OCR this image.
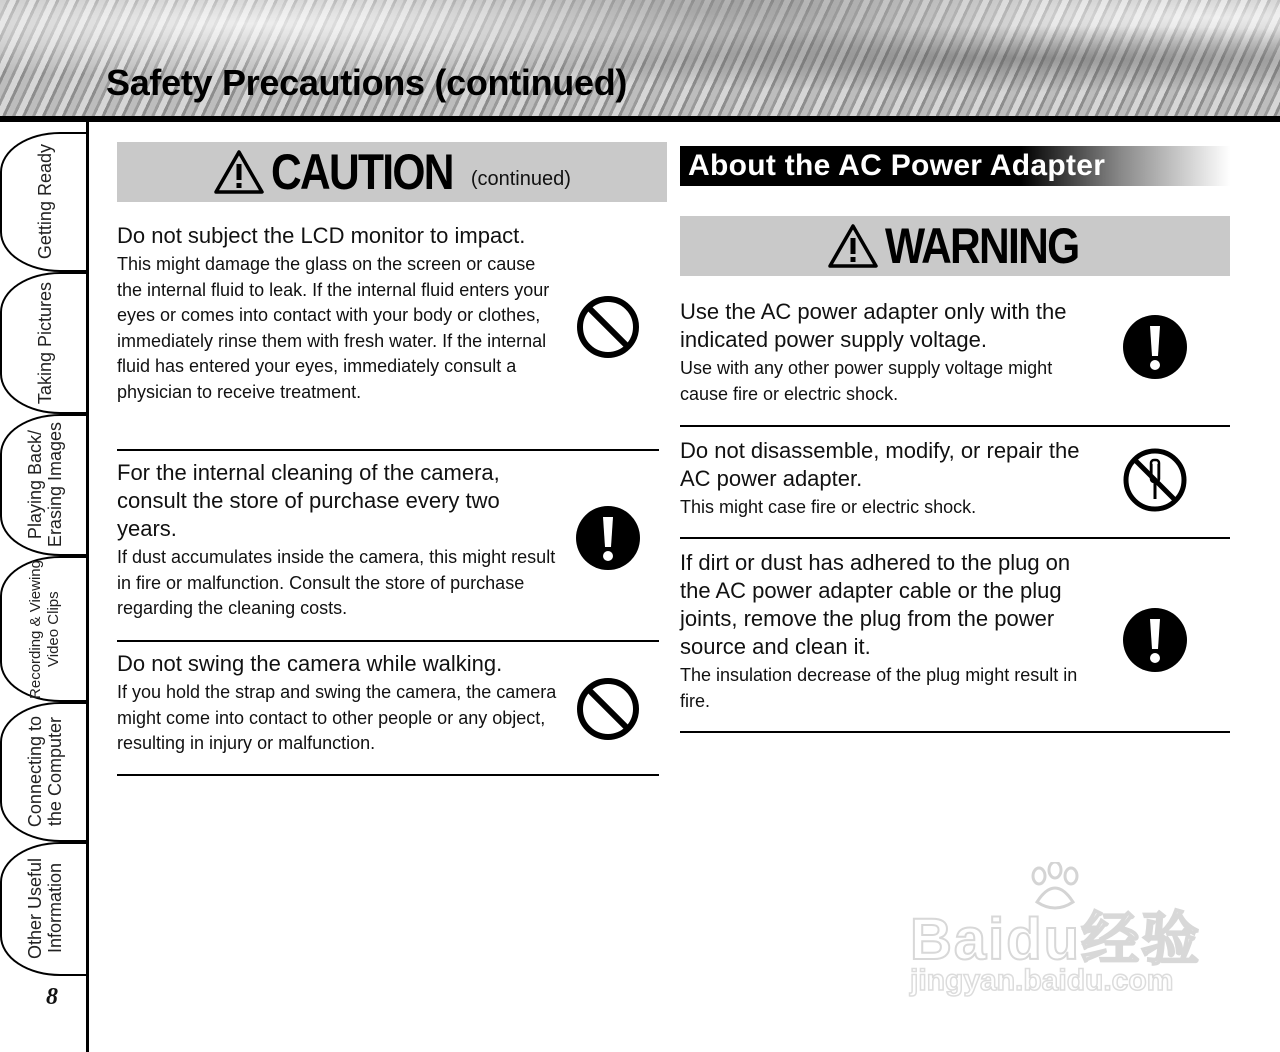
Safety Precautions (continued)
Getting Ready
Taking Pictures
Playing Back/
Erasing Images
Recording & Viewing
Video Clips
Connecting to
the Computer
Other Useful
Information
8
CAUTION (continued)

Do not subject the LCD monitor to impact.

This might damage the glass on the screen or cause the internal fluid to leak. If the internal fluid enters your eyes or comes into contact with your body or clothes, immediately rinse them with fresh water. If the internal fluid has entered your eyes, immediately consult a physician to receive treatment.

For the internal cleaning of the camera, consult the store of purchase every two years.

If dust accumulates inside the camera, this might result in fire or malfunction. Consult the store of purchase regarding the cleaning costs.

Do not swing the camera while walking.

If you hold the strap and swing the camera, the camera might come into contact to other people or any object, resulting in injury or malfunction.

About the AC Power Adapter
WARNING

Use the AC power adapter only with the indicated power supply voltage.

Use with any other power supply voltage might cause fire or electric shock.

Do not disassemble, modify, or repair the AC power adapter.

This might case fire or electric shock.

If dirt or dust has adhered to the plug on the AC power adapter cable or the plug joints, remove the plug from the power source and clean it.

The insulation decrease of the plug might result in fire.

Baidu经验
jingyan.baidu.com
